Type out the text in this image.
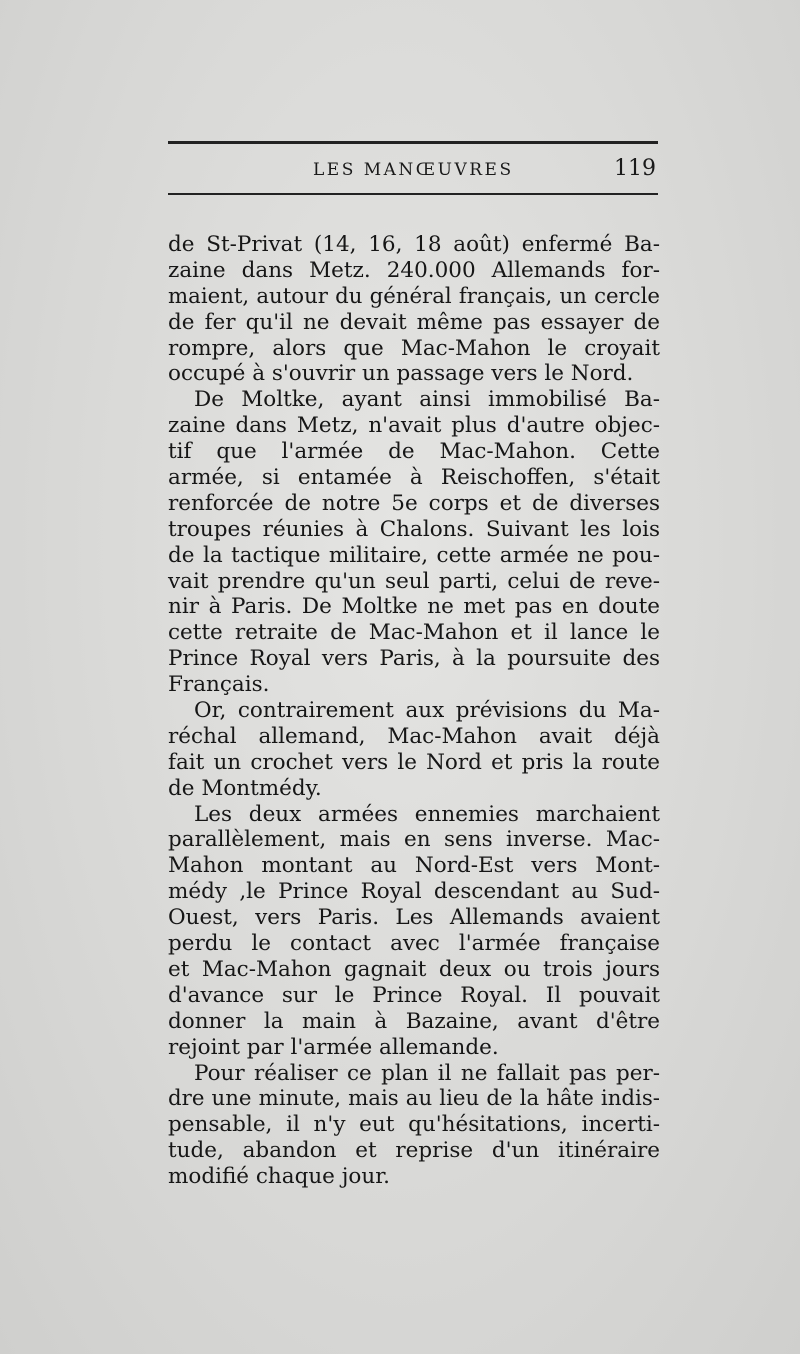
LES MANŒUVRES	119
de St-Privat (14, 16, 18 août) enfermé Ba-
zaine dans Metz. 240.000 Allemands for-
maient, autour du général français, un cercle
de fer qu'il ne devait même pas essayer de
rompre, alors que Mac-Mahon le croyait
occupé à s'ouvrir un passage vers le Nord.
De Moltke, ayant ainsi immobilisé Ba-
zaine dans Metz, n'avait plus d'autre objec-
tif que l'armée de Mac-Mahon. Cette
armée, si entamée à Reischoffen, s'était
renforcée de notre 5e corps et de diverses
troupes réunies à Chalons. Suivant les lois
de la tactique militaire, cette armée ne pou-
vait prendre qu'un seul parti, celui de reve-
nir à Paris. De Moltke ne met pas en doute
cette retraite de Mac-Mahon et il lance le
Prince Royal vers Paris, à la poursuite des
Français.
Or, contrairement aux prévisions du Ma-
réchal allemand, Mac-Mahon avait déjà
fait un crochet vers le Nord et pris la route
de Montmédy.
Les deux armées ennemies marchaient
parallèlement, mais en sens inverse. Mac-
Mahon montant au Nord-Est vers Mont-
médy ,le Prince Royal descendant au Sud-
Ouest, vers Paris. Les Allemands avaient
perdu le contact avec l'armée française
et Mac-Mahon gagnait deux ou trois jours
d'avance sur le Prince Royal. Il pouvait
donner la main à Bazaine, avant d'être
rejoint par l'armée allemande.
Pour réaliser ce plan il ne fallait pas per-
dre une minute, mais au lieu de la hâte indis-
pensable, il n'y eut qu'hésitations, incerti-
tude, abandon et reprise d'un itinéraire
modifié chaque jour.
